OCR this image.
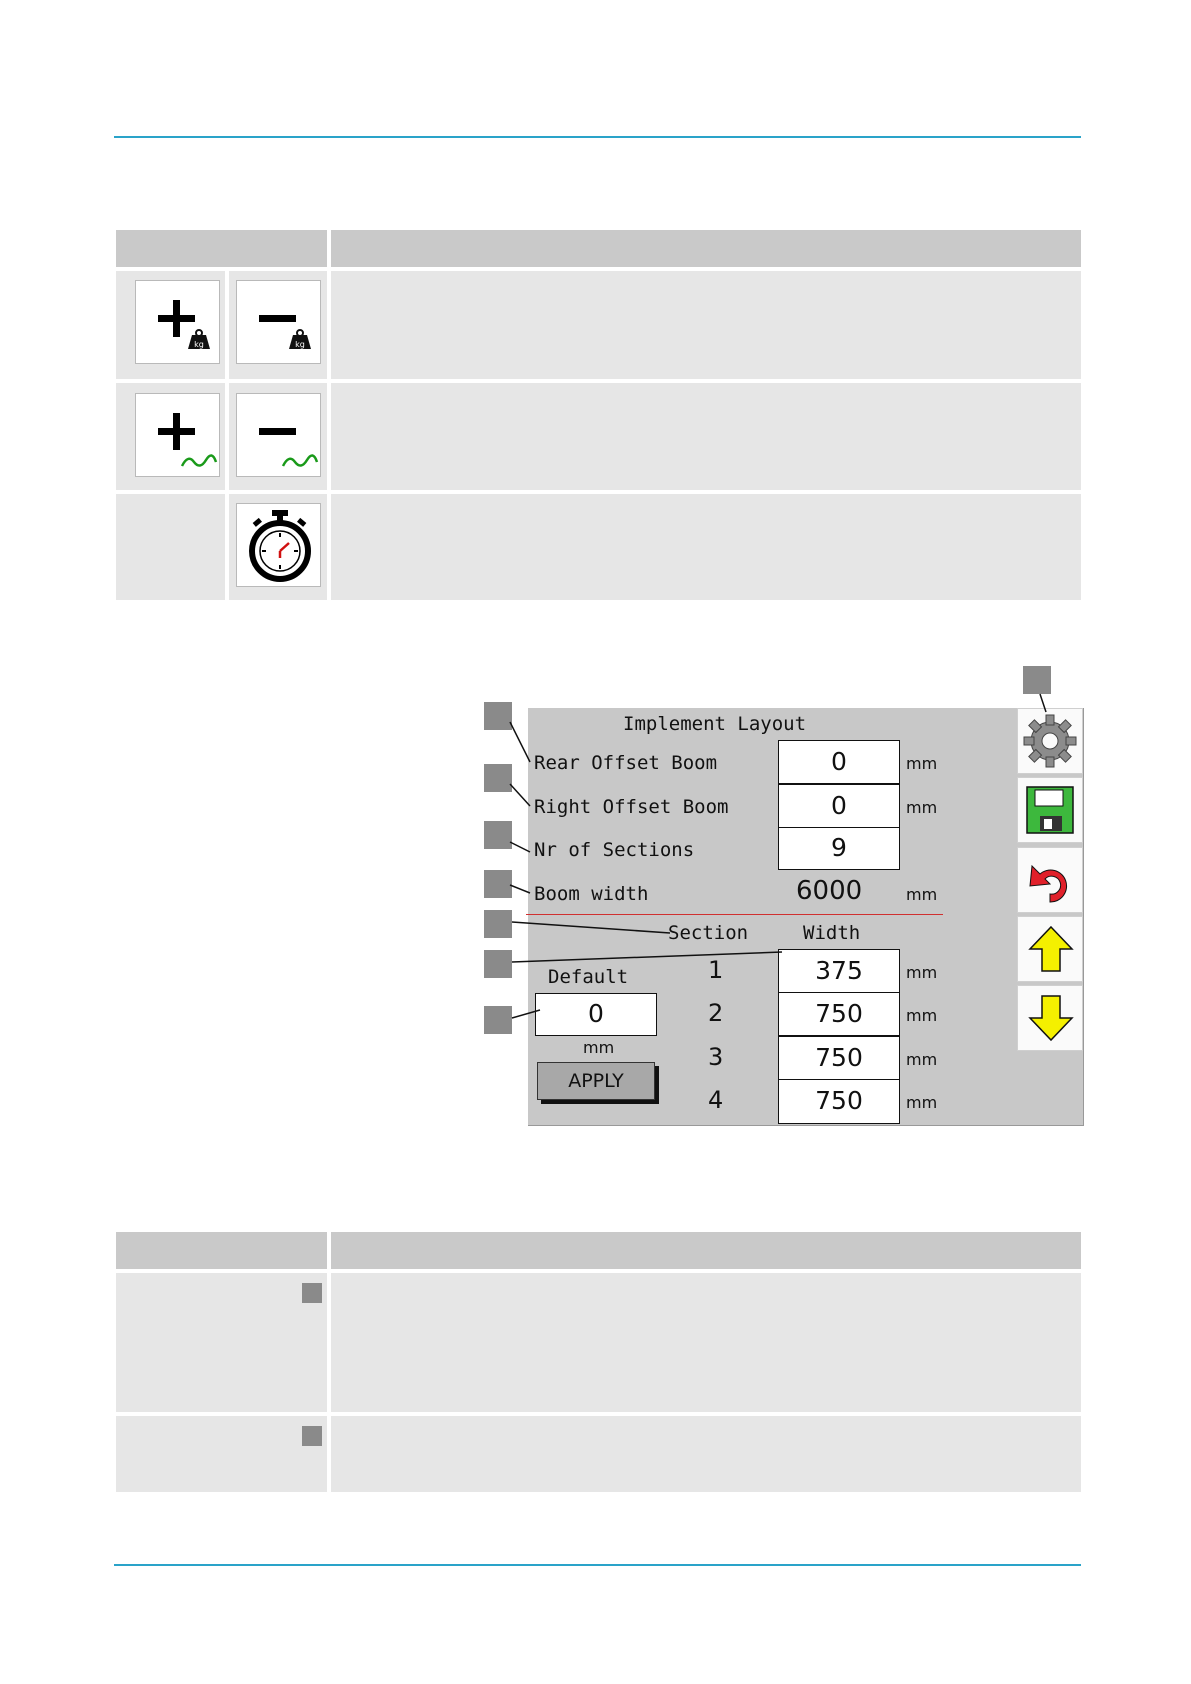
kg	kg
Implement Layout
Rear Offset Boom	0	mm
Right Offset Boom	0	mm
Nr of Sections	9
Boom width	6000	mm
Section	Width
Default
0
mm
APPLY
1	375	mm
2	750	mm
3	750	mm
4	750	mm
